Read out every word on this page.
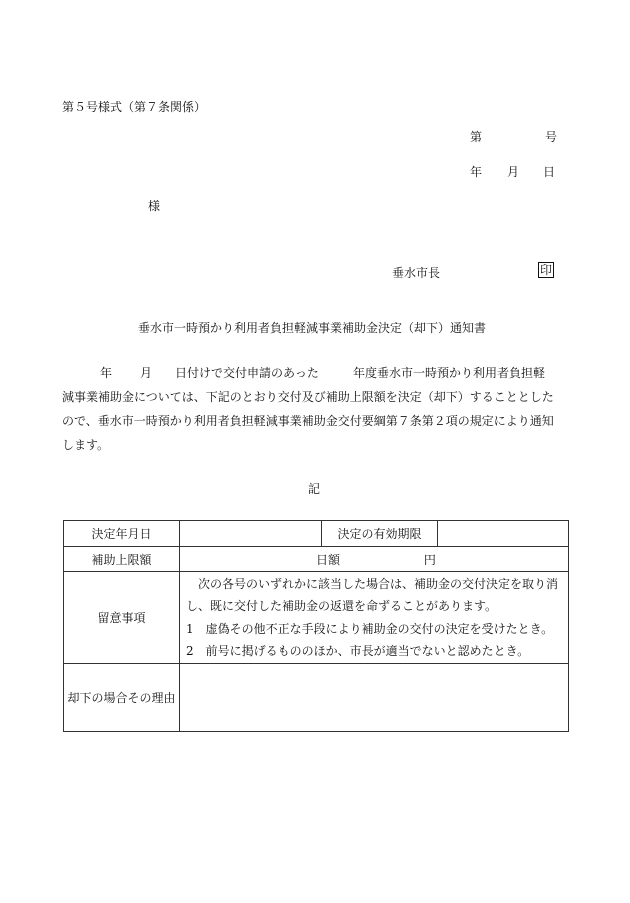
第５号様式（第７条関係）
第	号
年 月 日
様
垂水市長	印
垂水市一時預かり利用者負担軽減事業補助金決定（却下）通知書
年 月 日付けで交付申請のあった	年度垂水市一時預かり利用者負担軽
減事業補助金については、下記のとおり交付及び補助上限額を決定（却下）することとした
ので、垂水市一時預かり利用者負担軽減事業補助金交付要綱第７条第２項の規定により通知
します。
記
決定年月日		決定の有効期限	
補助上限額	日額 円		
留意事項	次の各号のいずれかに該当した場合は、補助金の交付決定を取り消
し、既に交付した補助金の返還を命ずることがあります。
1　虚偽その他不正な手段により補助金の交付の決定を受けたとき。
2　前号に掲げるもののほか、市長が適当でないと認めたとき。		

却下の場合その理由			
